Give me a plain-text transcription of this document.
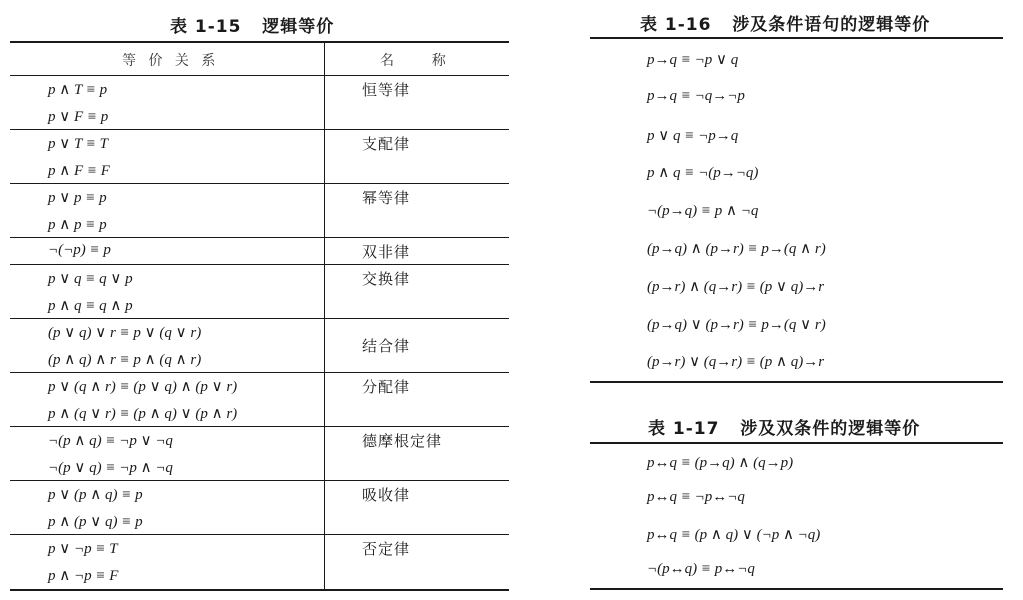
表 1-15   逻辑等价
等 价 关 系	名    称
恒等律
p ∧ T ≡ p
p ∨ F ≡ p
支配律
p ∨ T ≡ T
p ∧ F ≡ F
幂等律
p ∨ p ≡ p
p ∧ p ≡ p
双非律
¬(¬p) ≡ p
交换律
p ∨ q ≡ q ∨ p
p ∧ q ≡ q ∧ p
结合律
(p ∨ q) ∨ r ≡ p ∨ (q ∨ r)
(p ∧ q) ∧ r ≡ p ∧ (q ∧ r)
分配律
p ∨ (q ∧ r) ≡ (p ∨ q) ∧ (p ∨ r)
p ∧ (q ∨ r) ≡ (p ∧ q) ∨ (p ∧ r)
德摩根定律
¬(p ∧ q) ≡ ¬p ∨ ¬q
¬(p ∨ q) ≡ ¬p ∧ ¬q
吸收律
p ∨ (p ∧ q) ≡ p
p ∧ (p ∨ q) ≡ p
否定律
p ∨ ¬p ≡ T
p ∧ ¬p ≡ F
表 1-16   涉及条件语句的逻辑等价
p→q ≡ ¬p ∨ q
p→q ≡ ¬q→¬p
p ∨ q ≡ ¬p→q
p ∧ q ≡ ¬(p→¬q)
¬(p→q) ≡ p ∧ ¬q
(p→q) ∧ (p→r) ≡ p→(q ∧ r)
(p→r) ∧ (q→r) ≡ (p ∨ q)→r
(p→q) ∨ (p→r) ≡ p→(q ∨ r)
(p→r) ∨ (q→r) ≡ (p ∧ q)→r
表 1-17   涉及双条件的逻辑等价
p↔q ≡ (p→q) ∧ (q→p)
p↔q ≡ ¬p↔¬q
p↔q ≡ (p ∧ q) ∨ (¬p ∧ ¬q)
¬(p↔q) ≡ p↔¬q
